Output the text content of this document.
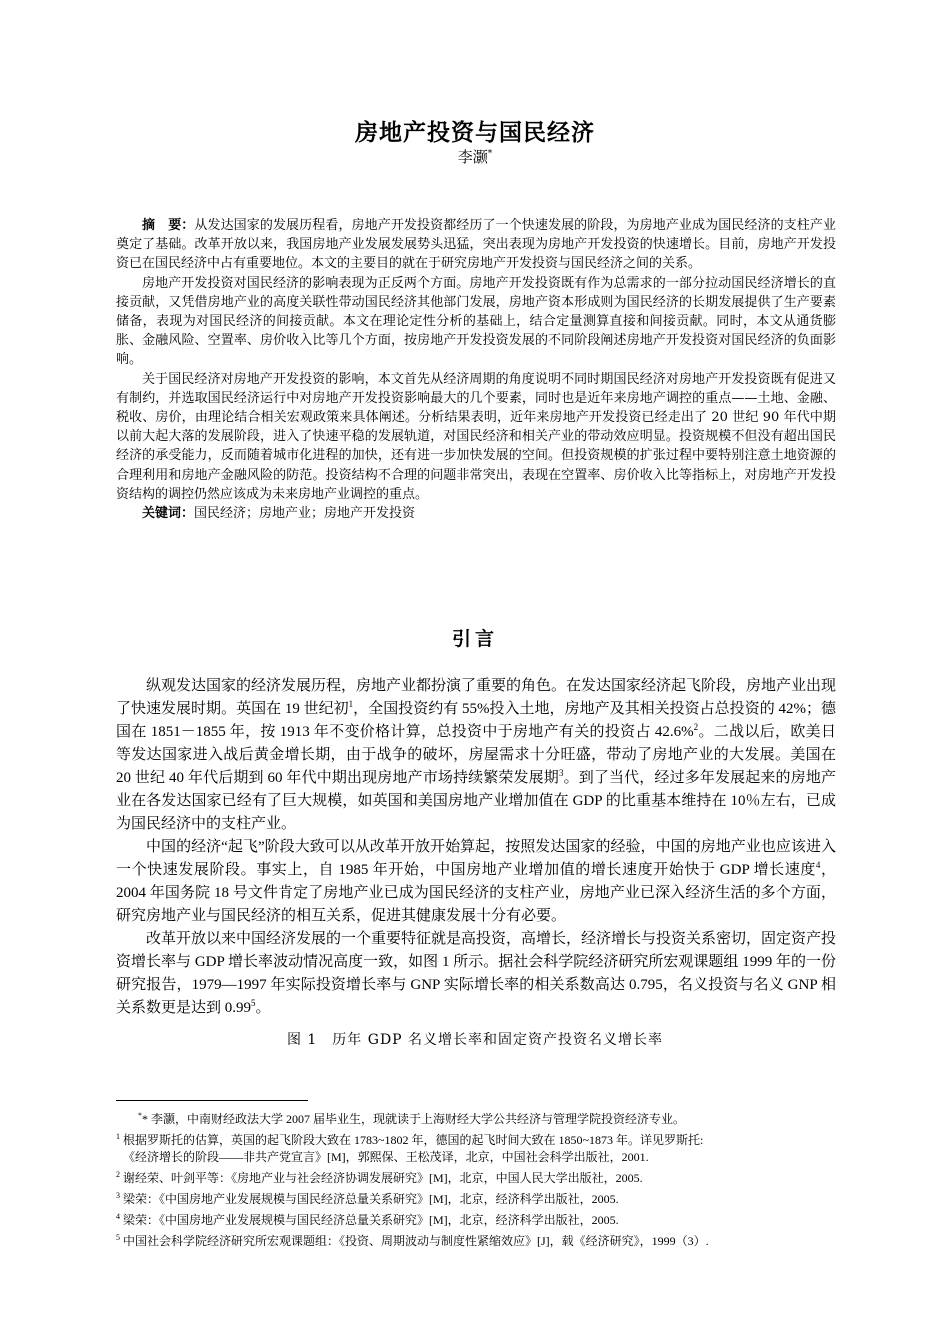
房地产投资与国民经济
李灏*

摘　要：从发达国家的发展历程看，房地产开发投资都经历了一个快速发展的阶段，为房地产业成为国民经济的支柱产业奠定了基础。改革开放以来，我国房地产业发展发展势头迅猛，突出表现为房地产开发投资的快速增长。目前，房地产开发投资已在国民经济中占有重要地位。本文的主要目的就在于研究房地产开发投资与国民经济之间的关系。

房地产开发投资对国民经济的影响表现为正反两个方面。房地产开发投资既有作为总需求的一部分拉动国民经济增长的直接贡献，又凭借房地产业的高度关联性带动国民经济其他部门发展，房地产资本形成则为国民经济的长期发展提供了生产要素储备，表现为对国民经济的间接贡献。本文在理论定性分析的基础上，结合定量测算直接和间接贡献。同时，本文从通货膨胀、金融风险、空置率、房价收入比等几个方面，按房地产开发投资发展的不同阶段阐述房地产开发投资对国民经济的负面影响。

关于国民经济对房地产开发投资的影响，本文首先从经济周期的角度说明不同时期国民经济对房地产开发投资既有促进又有制约，并选取国民经济运行中对房地产开发投资影响最大的几个要素，同时也是近年来房地产调控的重点——土地、金融、税收、房价，由理论结合相关宏观政策来具体阐述。分析结果表明，近年来房地产开发投资已经走出了 20 世纪 90 年代中期以前大起大落的发展阶段，进入了快速平稳的发展轨道，对国民经济和相关产业的带动效应明显。投资规模不但没有超出国民经济的承受能力，反而随着城市化进程的加快，还有进一步加快发展的空间。但投资规模的扩张过程中要特别注意土地资源的合理利用和房地产金融风险的防范。投资结构不合理的问题非常突出，表现在空置率、房价收入比等指标上，对房地产开发投资结构的调控仍然应该成为未来房地产业调控的重点。

关键词：国民经济；房地产业；房地产开发投资

引言

纵观发达国家的经济发展历程，房地产业都扮演了重要的角色。在发达国家经济起飞阶段，房地产业出现了快速发展时期。英国在 19 世纪初$^1$，全国投资约有 55%投入土地，房地产及其相关投资占总投资的 42%；德国在 1851－1855 年，按 1913 年不变价格计算，总投资中于房地产有关的投资占 42.6%$^2$。二战以后，欧美日等发达国家进入战后黄金增长期，由于战争的破坏，房屋需求十分旺盛，带动了房地产业的大发展。美国在 20 世纪 40 年代后期到 60 年代中期出现房地产市场持续繁荣发展期$^3$。到了当代，经过多年发展起来的房地产业在各发达国家已经有了巨大规模，如英国和美国房地产业增加值在 GDP 的比重基本维持在 10％左右，已成为国民经济中的支柱产业。

中国的经济“起飞”阶段大致可以从改革开放开始算起，按照发达国家的经验，中国的房地产业也应该进入一个快速发展阶段。事实上，自 1985 年开始，中国房地产业增加值的增长速度开始快于 GDP 增长速度$^4$，2004 年国务院 18 号文件肯定了房地产业已成为国民经济的支柱产业，房地产业已深入经济生活的多个方面，研究房地产业与国民经济的相互关系，促进其健康发展十分有必要。

改革开放以来中国经济发展的一个重要特征就是高投资，高增长，经济增长与投资关系密切，固定资产投资增长率与 GDP 增长率波动情况高度一致，如图 1 所示。据社会科学院经济研究所宏观课题组 1999 年的一份研究报告，1979—1997 年实际投资增长率与 GNP 实际增长率的相关系数高达 0.795，名义投资与名义 GNP 相关系数更是达到 0.99$^5$。

图 1　历年 GDP 名义增长率和固定资产投资名义增长率

** 李灏，中南财经政法大学 2007 届毕业生，现就读于上海财经大学公共经济与管理学院投资经济专业。

$^1$ 根据罗斯托的估算，英国的起飞阶段大致在 1783~1802 年，德国的起飞时间大致在 1850~1873 年。详见罗斯托:

《经济增长的阶段——非共产党宣言》[M]，郭熙保、王松茂译，北京，中国社会科学出版社，2001.

$^2$ 谢经荣、叶剑平等：《房地产业与社会经济协调发展研究》[M]，北京，中国人民大学出版社，2005.

$^3$ 梁荣：《中国房地产业发展规模与国民经济总量关系研究》[M]，北京，经济科学出版社，2005.

$^4$ 梁荣：《中国房地产业发展规模与国民经济总量关系研究》[M]，北京，经济科学出版社，2005.

$^5$ 中国社会科学院经济研究所宏观课题组：《投资、周期波动与制度性紧缩效应》[J]，载《经济研究》，1999（3）.
